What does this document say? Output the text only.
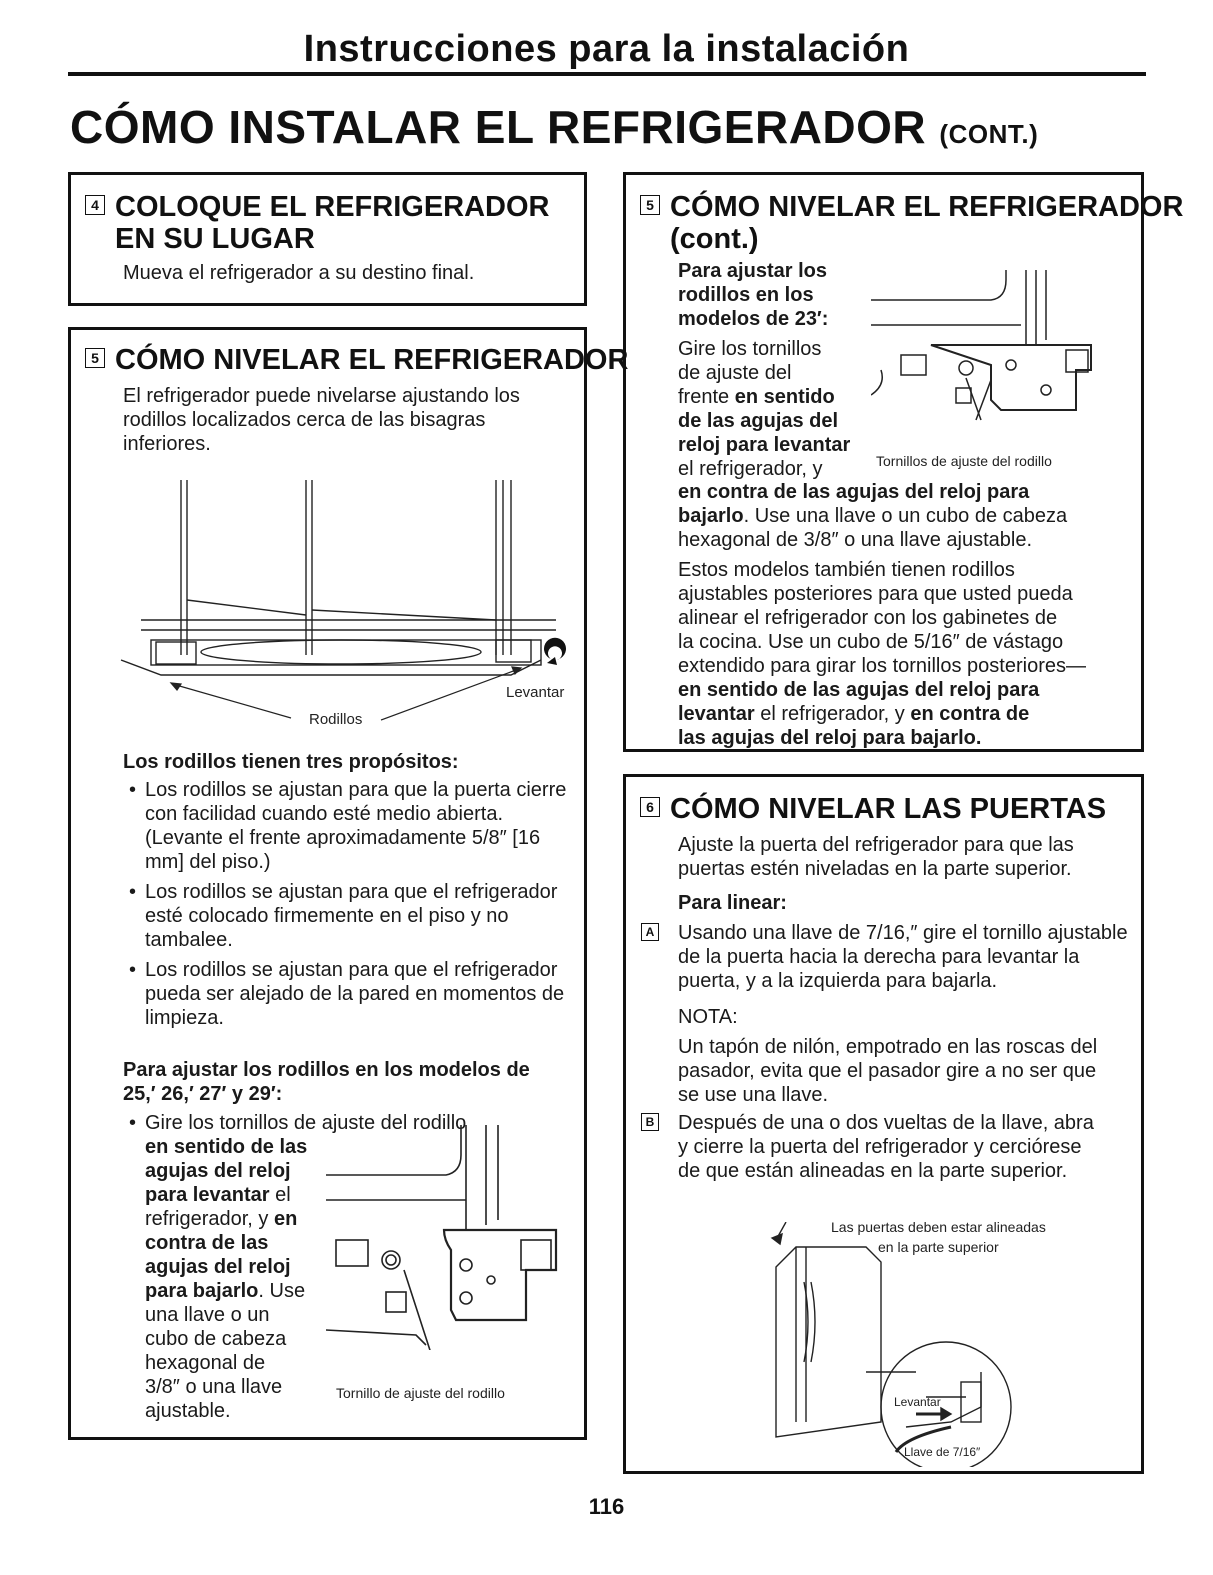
Instrucciones para la instalación
CÓMO INSTALAR EL REFRIGERADOR (CONT.)
4 COLOQUE EL REFRIGERADOR
EN SU LUGAR
Mueva el refrigerador a su destino final.
5 CÓMO NIVELAR EL REFRIGERADOR
El refrigerador puede nivelarse ajustando los rodillos localizados cerca de las bisagras inferiores.
Rodillos
Levantar
Los rodillos tienen tres propósitos:
• Los rodillos se ajustan para que la puerta cierre con facilidad cuando esté medio abierta. (Levante el frente aproximadamente 5/8″ [16 mm] del piso.)
• Los rodillos se ajustan para que el refrigerador esté colocado firmemente en el piso y no tambalee.
• Los rodillos se ajustan para que el refrigerador pueda ser alejado de la pared en momentos de limpieza.
Para ajustar los rodillos en los modelos de 25,′ 26,′ 27′ y 29′:
• Gire los tornillos de ajuste del rodillo
en sentido de las
agujas del reloj
para levantar el
refrigerador, y en
contra de las
agujas del reloj
para bajarlo. Use
una llave o un
cubo de cabeza
hexagonal de
3/8″ o una llave
ajustable.
Tornillo de ajuste del rodillo
5 CÓMO NIVELAR EL REFRIGERADOR
(cont.)
Para ajustar los
rodillos en los
modelos de 23′:
Gire los tornillos
de ajuste del
frente en sentido
de las agujas del
reloj para levantar
el refrigerador, y	Tornillos de ajuste del rodillo
en contra de las agujas del reloj para
bajarlo. Use una llave o un cubo de cabeza
hexagonal de 3/8″ o una llave ajustable.
Estos modelos también tienen rodillos
ajustables posteriores para que usted pueda
alinear el refrigerador con los gabinetes de
la cocina. Use un cubo de 5/16″ de vástago
extendido para girar los tornillos posteriores—
en sentido de las agujas del reloj para
levantar el refrigerador, y en contra de
las agujas del reloj para bajarlo.
6 CÓMO NIVELAR LAS PUERTAS
Ajuste la puerta del refrigerador para que las puertas estén niveladas en la parte superior.
Para linear:
A Usando una llave de 7/16,″ gire el tornillo ajustable de la puerta hacia la derecha para levantar la puerta, y a la izquierda para bajarla.
NOTA:
Un tapón de nilón, empotrado en las roscas del pasador, evita que el pasador gire a no ser que se use una llave.
B Después de una o dos vueltas de la llave, abra y cierre la puerta del refrigerador y cerciórese de que están alineadas en la parte superior.
Las puertas deben estar alineadas
en la parte superior
Levantar
Llave de 7/16″
116
